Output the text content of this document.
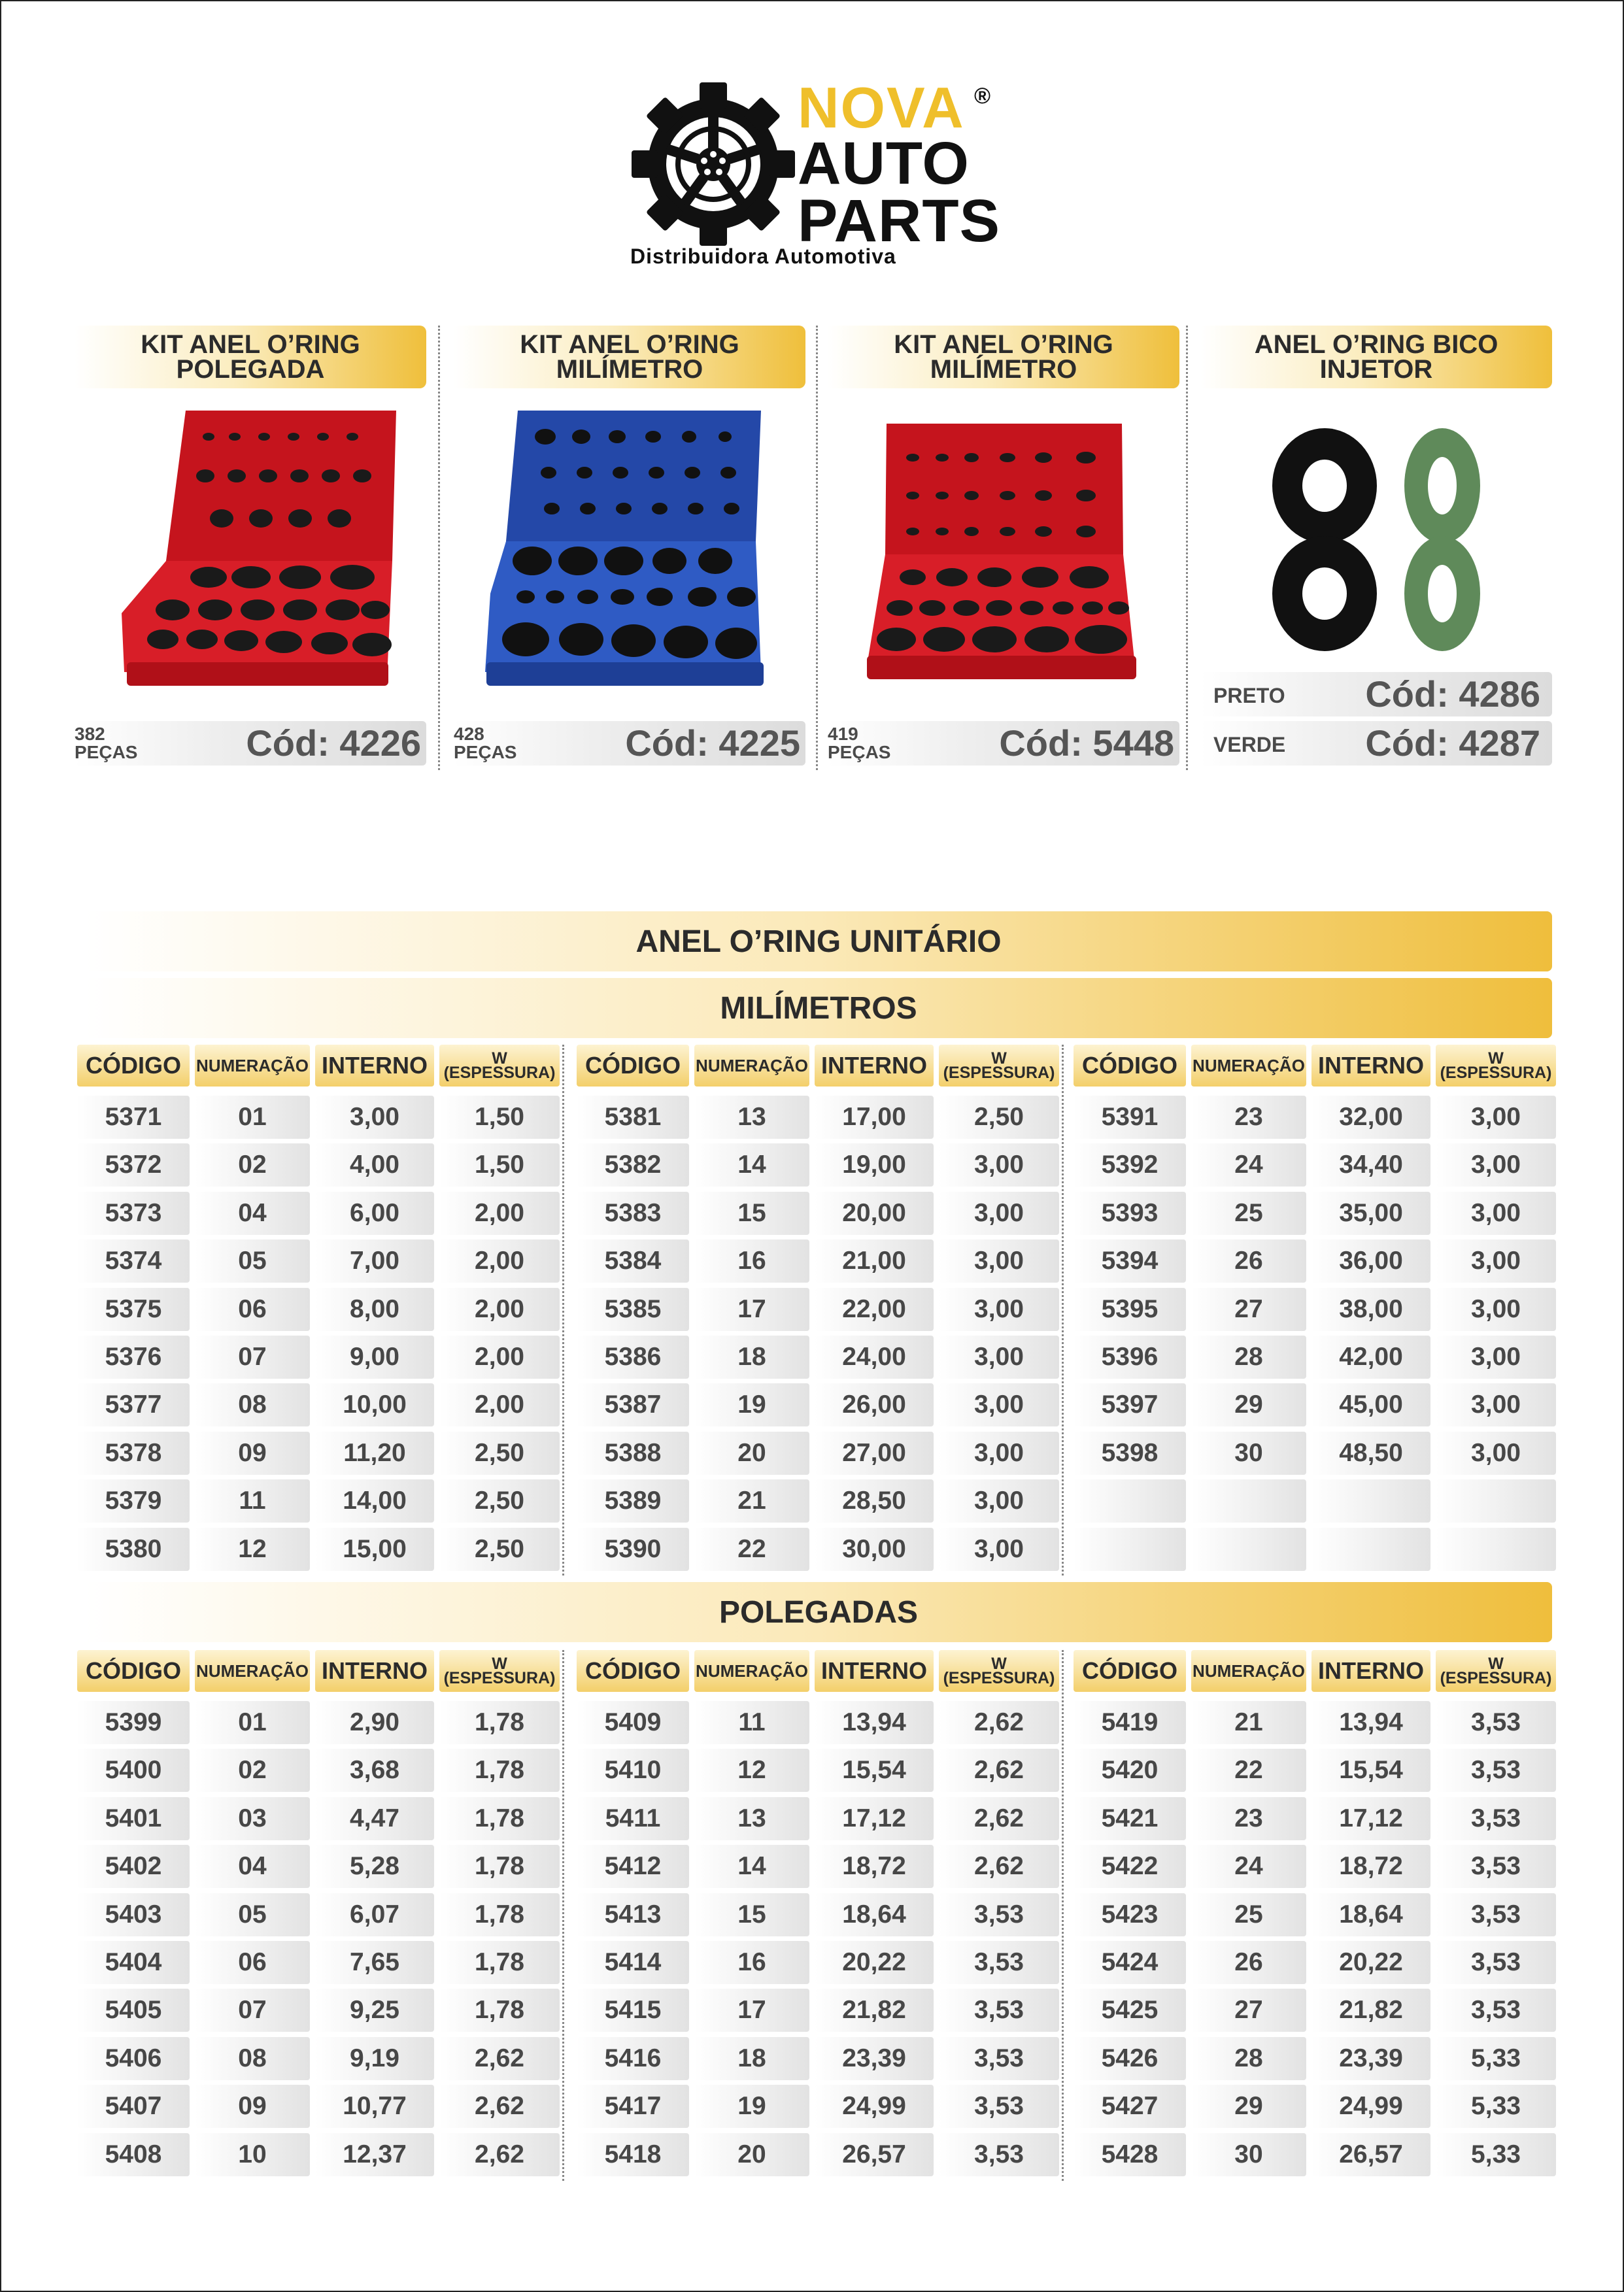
NOVA ®
AUTO
PARTS
Distribuidora Automotiva
KIT ANEL O’RING POLEGADA
382
PEÇAS	Cód: 4226
KIT ANEL O’RING MILÍMETRO
428
PEÇAS	Cód: 4225
KIT ANEL O’RING MILÍMETRO
419
PEÇAS	Cód: 5448
ANEL O’RING BICO INJETOR
PRETO Cód: 4286
VERDE Cód: 4287
ANEL O’RING UNITÁRIO
MILÍMETROS
POLEGADAS
CÓDIGO NUMERAÇÃO INTERNO	W
(ESPESSURA)
5371	01	3,00	1,50
5372	02	4,00	1,50
5373	04	6,00	2,00
5374	05	7,00	2,00
5375	06	8,00	2,00
5376	07	9,00	2,00
5377	08	10,00	2,00
5378	09	11,20	2,50
5379	11	14,00	2,50
5380	12	15,00	2,50
CÓDIGO NUMERAÇÃO INTERNO	W
(ESPESSURA)
5381	13	17,00	2,50
5382	14	19,00	3,00
5383	15	20,00	3,00
5384	16	21,00	3,00
5385	17	22,00	3,00
5386	18	24,00	3,00
5387	19	26,00	3,00
5388	20	27,00	3,00
5389	21	28,50	3,00
5390	22	30,00	3,00
CÓDIGO NUMERAÇÃO INTERNO	W
(ESPESSURA)
5391	23	32,00	3,00
5392	24	34,40	3,00
5393	25	35,00	3,00
5394	26	36,00	3,00
5395	27	38,00	3,00
5396	28	42,00	3,00
5397	29	45,00	3,00
5398	30	48,50	3,00
CÓDIGO NUMERAÇÃO INTERNO	W
(ESPESSURA)
5399	01	2,90	1,78
5400	02	3,68	1,78
5401	03	4,47	1,78
5402	04	5,28	1,78
5403	05	6,07	1,78
5404	06	7,65	1,78
5405	07	9,25	1,78
5406	08	9,19	2,62
5407	09	10,77	2,62
5408	10	12,37	2,62
CÓDIGO NUMERAÇÃO INTERNO	W
(ESPESSURA)
5409	11	13,94	2,62
5410	12	15,54	2,62
5411	13	17,12	2,62
5412	14	18,72	2,62
5413	15	18,64	3,53
5414	16	20,22	3,53
5415	17	21,82	3,53
5416	18	23,39	3,53
5417	19	24,99	3,53
5418	20	26,57	3,53
CÓDIGO NUMERAÇÃO INTERNO	W
(ESPESSURA)
5419	21	13,94	3,53
5420	22	15,54	3,53
5421	23	17,12	3,53
5422	24	18,72	3,53
5423	25	18,64	3,53
5424	26	20,22	3,53
5425	27	21,82	3,53
5426	28	23,39	5,33
5427	29	24,99	5,33
5428	30	26,57	5,33
